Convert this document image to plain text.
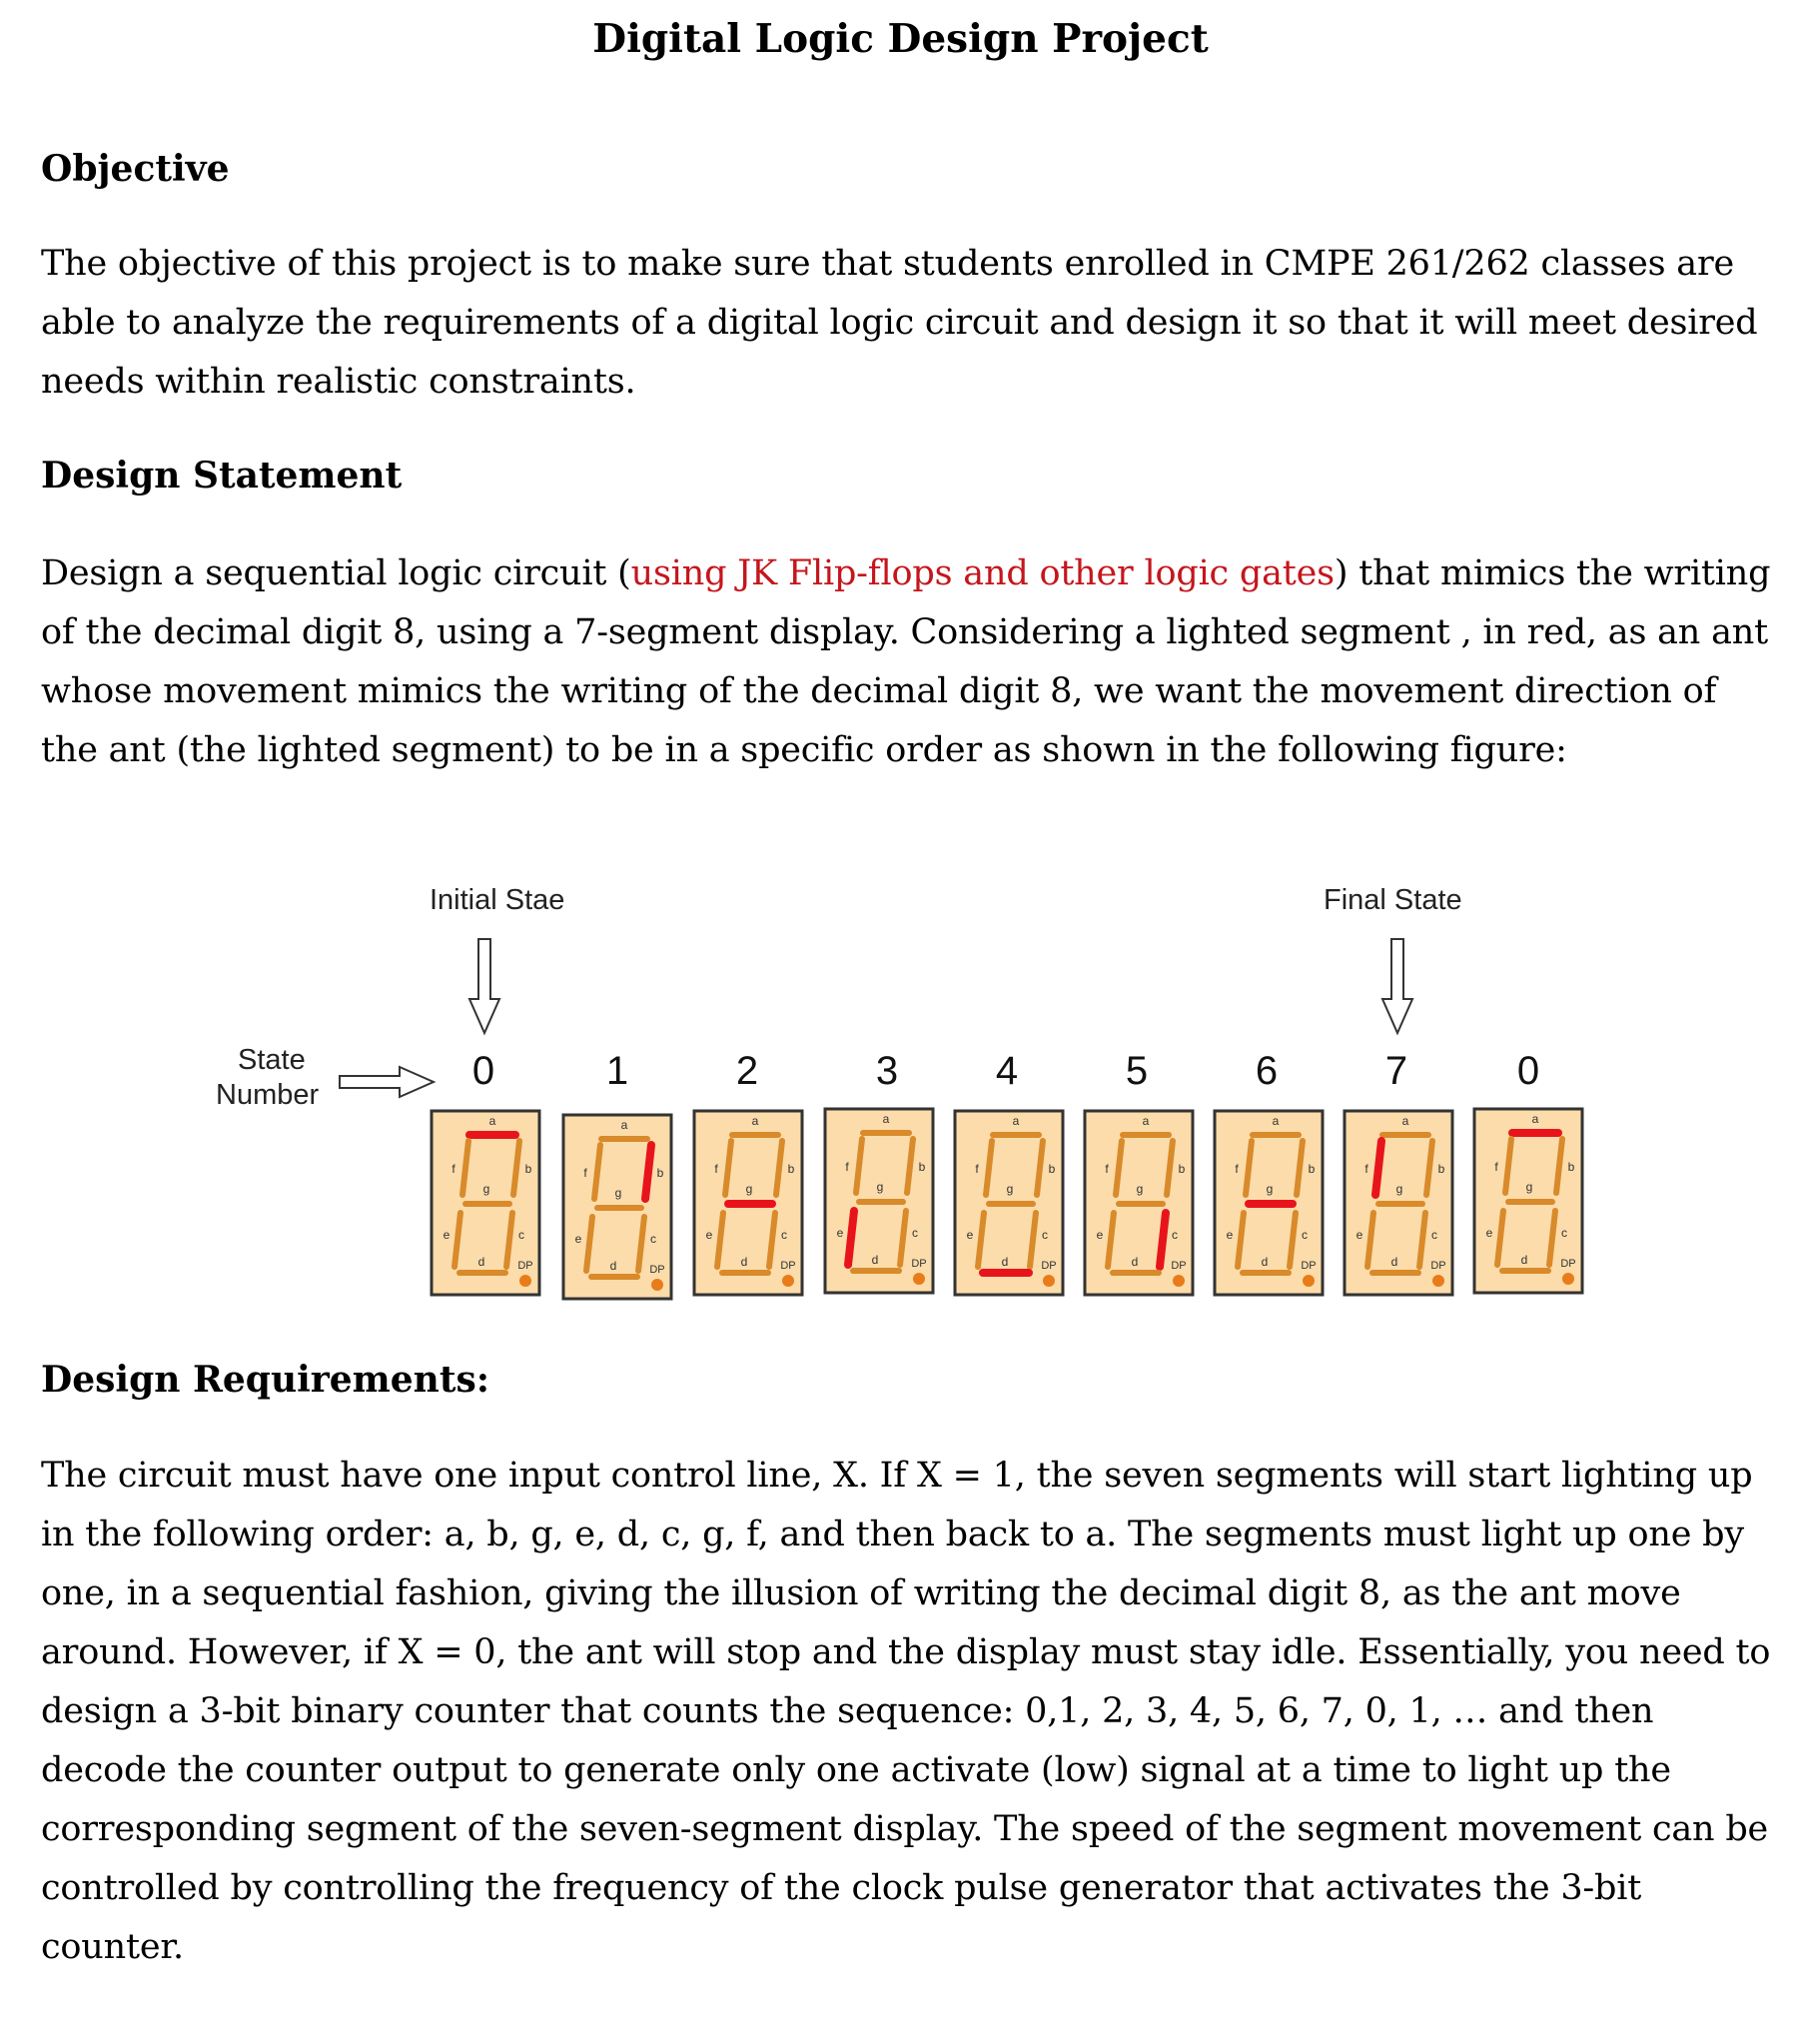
Digital Logic Design Project
Objective

The objective of this project is to make sure that students enrolled in CMPE 261/262 classes are able to analyze the requirements of a digital logic circuit and design it so that it will meet desired needs within realistic constraints.

Design Statement

Design a sequential logic circuit (using JK Flip-flops and other logic gates) that mimics the writing of the decimal digit 8, using a 7-segment display. Considering a lighted segment , in red, as an ant whose movement mimics the writing of the decimal digit 8, we want the movement direction of the ant (the lighted segment) to be in a specific order as shown in the following figure:

Initial Stae	Final State
State
Number
0	1	2	3	4	5	6	7	0
a
b
c
d
e
f
g
DP
a
b
c
d
e
f
g
DP
a
b
c
d
e
f
g
DP
a
b
c
d
e
f
g
DP
a
b
c
d
e
f
g
DP
a
b
c
d
e
f
g
DP
a
b
c
d
e
f
g
DP
a
b
c
d
e
f
g
DP
a
b
c
d
e
f
g
DP
Design Requirements:

The circuit must have one input control line, X. If X = 1, the seven segments will start lighting up in the following order: a, b, g, e, d, c, g, f, and then back to a. The segments must light up one by one, in a sequential fashion, giving the illusion of writing the decimal digit 8, as the ant move around. However, if X = 0, the ant will stop and the display must stay idle. Essentially, you need to design a 3-bit binary counter that counts the sequence: 0,1, 2, 3, 4, 5, 6, 7, 0, 1, … and then decode the counter output to generate only one activate (low) signal at a time to light up the corresponding segment of the seven-segment display. The speed of the segment movement can be controlled by controlling the frequency of the clock pulse generator that activates the 3-bit counter.
